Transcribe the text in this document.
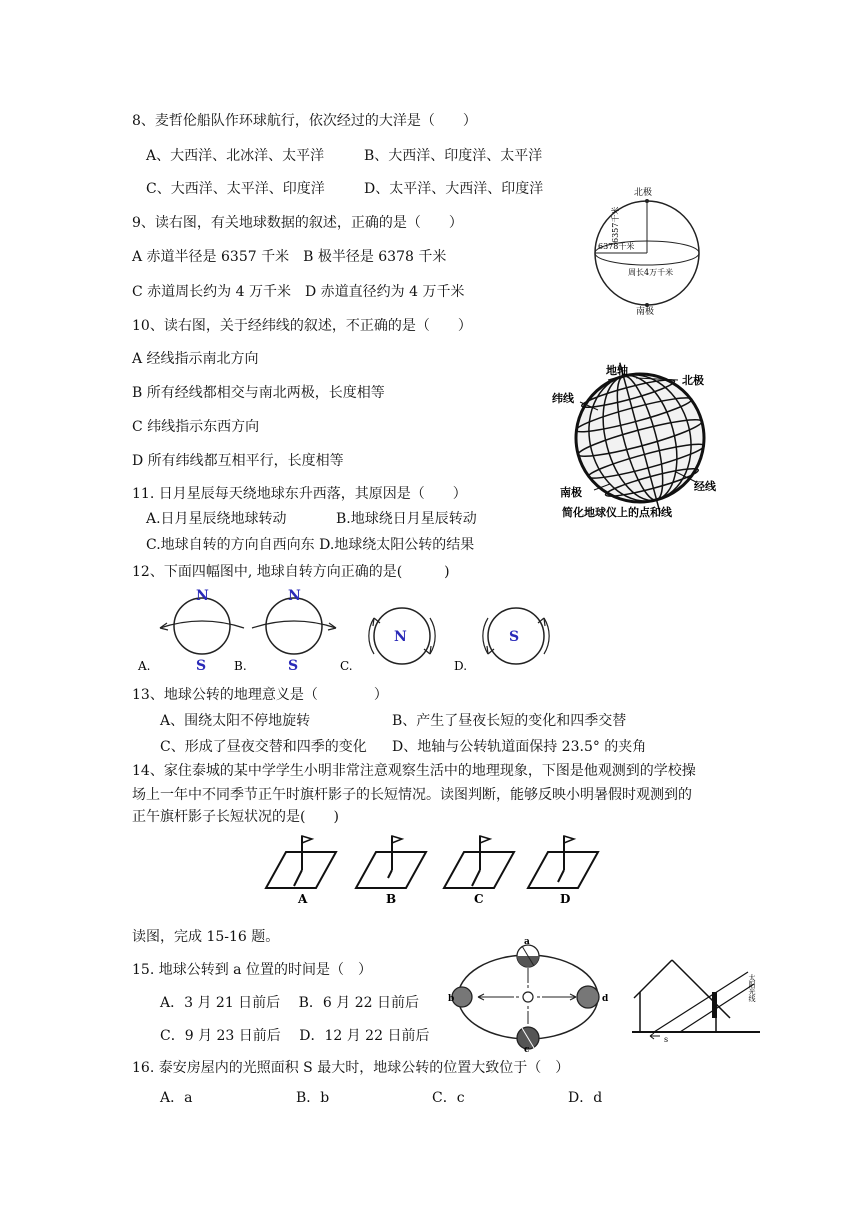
8、麦哲伦船队作环球航行，依次经过的大洋是（　　）
A、大西洋、北冰洋、太平洋	B、大西洋、印度洋、太平洋
C、大西洋、太平洋、印度洋	D、太平洋、大西洋、印度洋
9、读右图，有关地球数据的叙述，正确的是（　　）
A 赤道半径是 6357 千米　B 极半径是 6378 千米
C 赤道周长约为 4 万千米　D 赤道直径约为 4 万千米
北极
南极
6357千米
6378千米
周长4万千米
10、读右图，关于经纬线的叙述，不正确的是（　　）
A 经线指示南北方向
B 所有经线都相交与南北两极，长度相等
C 纬线指示东西方向
D 所有纬线都互相平行，长度相等
地轴
北极
纬线
南极	经线
简化地球仪上的点和线
11. 日月星辰每天绕地球东升西落，其原因是（　　）
A.日月星辰绕地球转动	B.地球绕日月星辰转动
C.地球自转的方向自西向东 D.地球绕太阳公转的结果
12、下面四幅图中, 地球自转方向正确的是(　　　)
N
S
A.
N
S
B.
N
C.
S
D.
13、地球公转的地理意义是（　　　　）
A、围绕太阳不停地旋转	B、产生了昼夜长短的变化和四季交替
C、形成了昼夜交替和四季的变化 D、地轴与公转轨道面保持 23.5° 的夹角
14、家住泰城的某中学学生小明非常注意观察生活中的地理现象，下图是他观测到的学校操
场上一年中不同季节正午时旗杆影子的长短情况。读图判断，能够反映小明暑假时观测到的
正午旗杆影子长短状况的是(　　)
A	B	C	D
读图，完成 15-16 题。
15. 地球公转到 a 位置的时间是（　）
A．3 月 21 日前后　 B．6 月 22 日前后
C．9 月 23 日前后　 D．12 月 22 日前后
a
c
b	d
s
太阳光线
16. 泰安房屋内的光照面积 S 最大时，地球公转的位置大致位于（　）
A．a	B．b	C．c	D．d
